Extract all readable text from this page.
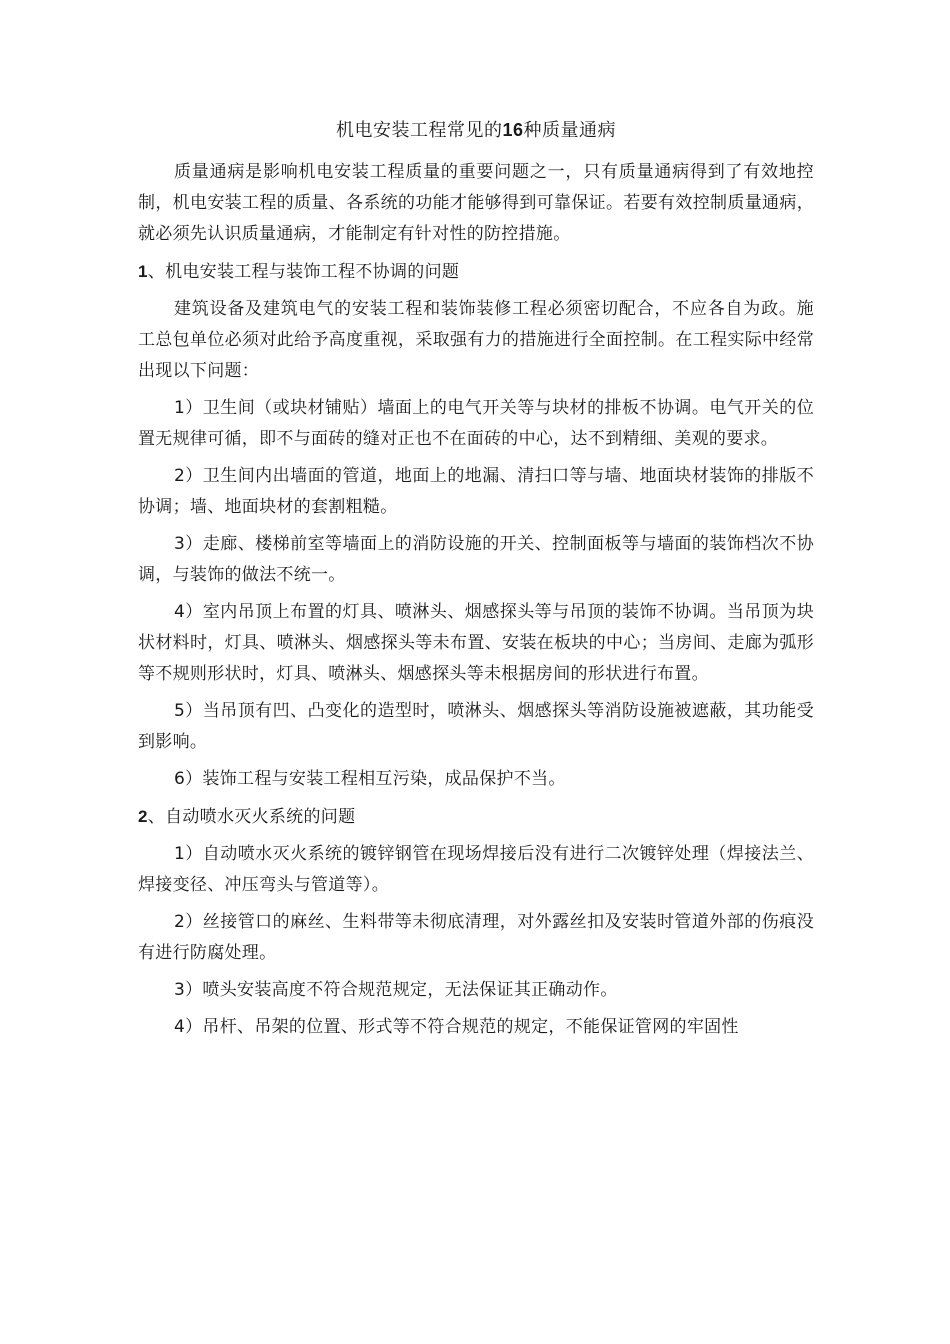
机电安装工程常见的16种质量通病

质量通病是影响机电安装工程质量的重要问题之一，只有质量通病得到了有效地控制，机电安装工程的质量、各系统的功能才能够得到可靠保证。若要有效控制质量通病，就必须先认识质量通病，才能制定有针对性的防控措施。

1、机电安装工程与装饰工程不协调的问题

建筑设备及建筑电气的安装工程和装饰装修工程必须密切配合，不应各自为政。施工总包单位必须对此给予高度重视，采取强有力的措施进行全面控制。在工程实际中经常出现以下问题：

1）卫生间（或块材铺贴）墙面上的电气开关等与块材的排板不协调。电气开关的位置无规律可循，即不与面砖的缝对正也不在面砖的中心，达不到精细、美观的要求。

2）卫生间内出墙面的管道，地面上的地漏、清扫口等与墙、地面块材装饰的排版不协调；墙、地面块材的套割粗糙。

3）走廊、楼梯前室等墙面上的消防设施的开关、控制面板等与墙面的装饰档次不协调，与装饰的做法不统一。

4）室内吊顶上布置的灯具、喷淋头、烟感探头等与吊顶的装饰不协调。当吊顶为块状材料时，灯具、喷淋头、烟感探头等未布置、安装在板块的中心；当房间、走廊为弧形等不规则形状时，灯具、喷淋头、烟感探头等未根据房间的形状进行布置。

5）当吊顶有凹、凸变化的造型时，喷淋头、烟感探头等消防设施被遮蔽，其功能受到影响。

6）装饰工程与安装工程相互污染，成品保护不当。

2、自动喷水灭火系统的问题

1）自动喷水灭火系统的镀锌钢管在现场焊接后没有进行二次镀锌处理（焊接法兰、焊接变径、冲压弯头与管道等）。

2）丝接管口的麻丝、生料带等未彻底清理，对外露丝扣及安装时管道外部的伤痕没有进行防腐处理。

3）喷头安装高度不符合规范规定，无法保证其正确动作。

4）吊杆、吊架的位置、形式等不符合规范的规定，不能保证管网的牢固性
